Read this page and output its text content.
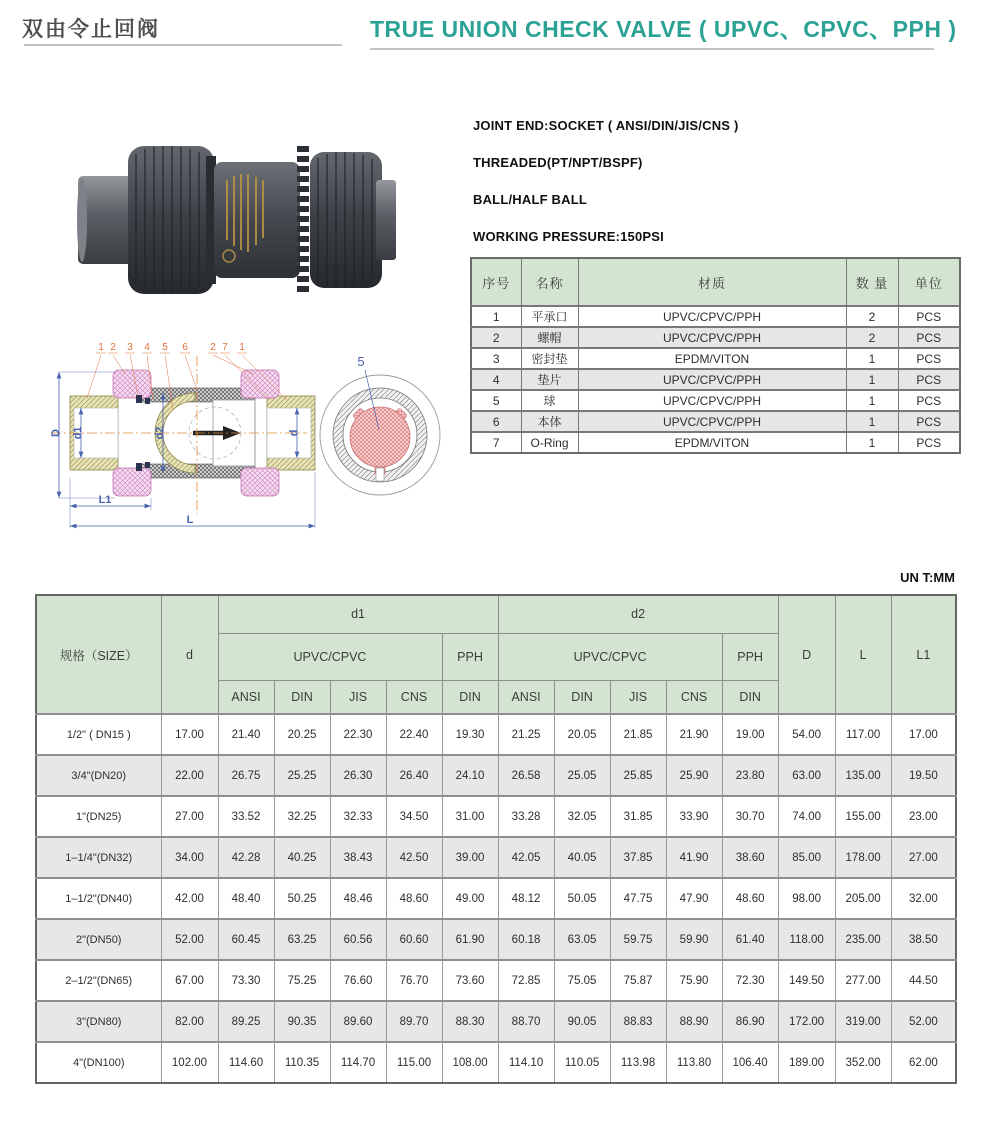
双由令止回阀	TRUE UNION CHECK VALVE ( UPVC、CPVC、PPH )
JOINT END:SOCKET ( ANSI/DIN/JIS/CNS )
THREADED(PT/NPT/BSPF)
BALL/HALF BALL
WORKING PRESSURE:150PSI
序号	名称	材质	数 量	单位
1	平承口	UPVC/CPVC/PPH	2	PCS
2	螺帽	UPVC/CPVC/PPH	2	PCS
3	密封垫	EPDM/VITON	1	PCS
4	垫片	UPVC/CPVC/PPH	1	PCS
5	球	UPVC/CPVC/PPH	1	PCS
6	本体	UPVC/CPVC/PPH	1	PCS
7	O-Ring	EPDM/VITON	1	PCS
D d1	d2	d
L1
L
1 2 3 4 5 6 2 7 1
5
UN T:MM
规格（SIZE）	d	d1					d2					D	L	L1
		UPVC/CPVC				PPH	UPVC/CPVC				PPH			
		ANSI	DIN	JIS	CNS	DIN	ANSI	DIN	JIS	CNS	DIN			
1/2" ( DN15 )	17.00	21.40	20.25	22.30	22.40	19.30	21.25	20.05	21.85	21.90	19.00	54.00	117.00	17.00
3/4"(DN20)	22.00	26.75	25.25	26.30	26.40	24.10	26.58	25.05	25.85	25.90	23.80	63.00	135.00	19.50
1"(DN25)	27.00	33.52	32.25	32.33	34.50	31.00	33.28	32.05	31.85	33.90	30.70	74.00	155.00	23.00
1–1/4"(DN32)	34.00	42.28	40.25	38.43	42.50	39.00	42.05	40.05	37.85	41.90	38.60	85.00	178.00	27.00
1–1/2"(DN40)	42.00	48.40	50.25	48.46	48.60	49.00	48.12	50.05	47.75	47.90	48.60	98.00	205.00	32.00
2"(DN50)	52.00	60.45	63.25	60.56	60.60	61.90	60.18	63.05	59.75	59.90	61.40	118.00	235.00	38.50
2–1/2"(DN65)	67.00	73.30	75.25	76.60	76.70	73.60	72.85	75.05	75.87	75.90	72.30	149.50	277.00	44.50
3"(DN80)	82.00	89.25	90.35	89.60	89.70	88.30	88.70	90.05	88.83	88.90	86.90	172.00	319.00	52.00
4"(DN100)	102.00	114.60	110.35	114.70	115.00	108.00	114.10	110.05	113.98	113.80	106.40	189.00	352.00	62.00
